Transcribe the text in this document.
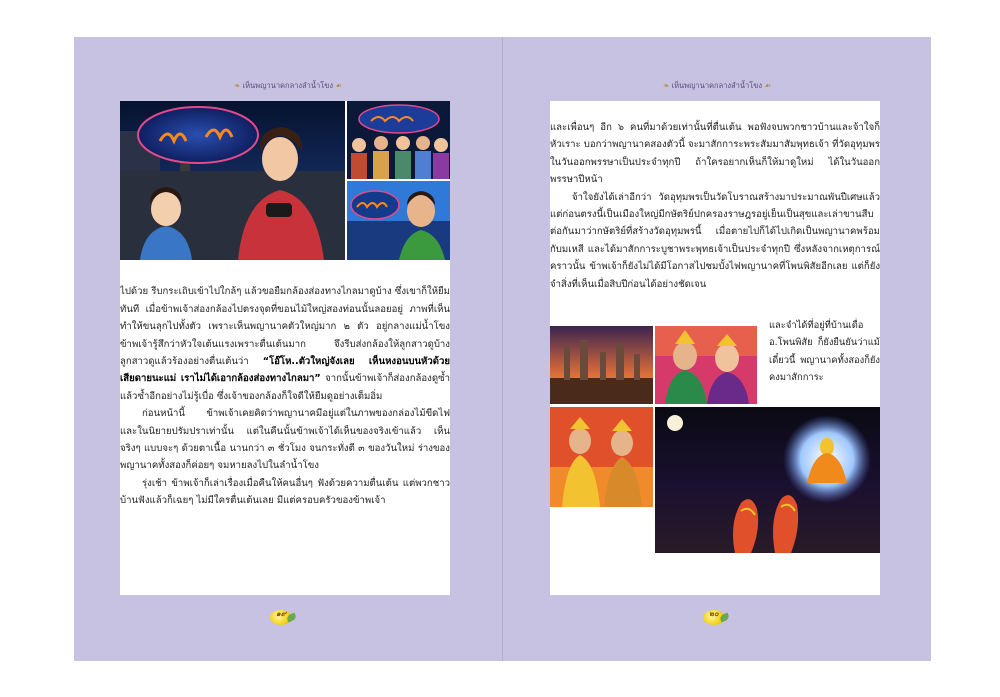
❧ เห็นพญานาคกลางลำน้ำโขง ☙

พูดออกมาตลอดเวลาว่า พญานาคๆ ตัวใหญ่จังเลย ข้าพเจ้าก็พลอยตื่นเต้น

ไปด้วย รีบกระเถิบเข้าไปใกล้ๆ แล้วขอยืมกล้องส่องทางไกลมาดูบ้าง ซึ่งเขาก็ให้ยืมทันที เมื่อข้าพเจ้าส่องกล้องไปตรงจุดที่ขอนไม้ใหญ่สองท่อนนั้นลอยอยู่ ภาพที่เห็นทำให้ขนลุกไปทั้งตัว เพราะเห็นพญานาคตัวใหญ่มาก ๒ ตัว อยู่กลางแม่น้ำโขง ข้าพเจ้ารู้สึกว่าหัวใจเต้นแรงเพราะตื่นเต้นมาก จึงรีบส่งกล้องให้ลูกสาวดูบ้าง ลูกสาวดูแล้วร้องอย่างตื่นเต้นว่า “โอ๊โห..ตัวใหญ่จังเลย เห็นหงอนบนหัวด้วย เสียดายนะแม่ เราไม่ได้เอากล้องส่องทางไกลมา” จากนั้นข้าพเจ้าก็ส่องกล้องดูซ้ำแล้วซ้ำอีกอย่างไม่รู้เบื่อ ซึ่งเจ้าของกล้องก็ใจดีให้ยืมดูอย่างเต็มอิ่ม

ก่อนหน้านี้ ข้าพเจ้าเคยคิดว่าพญานาคมีอยู่แต่ในภาพของกล่องไม้ขีดไฟ และในนิยายปรัมปราเท่านั้น แต่ในคืนนั้นข้าพเจ้าได้เห็นของจริงเข้าแล้ว เห็นจริงๆ แบบจะๆ ด้วยตาเนื้อ นานกว่า ๓ ชั่วโมง จนกระทั่งตี ๓ ของวันใหม่ ร่างของพญานาคทั้งสองก็ค่อยๆ จมหายลงไปในลำน้ำโขง

รุ่งเช้า ข้าพเจ้าก็เล่าเรื่องเมื่อคืนให้คนอื่นๆ ฟังด้วยความตื่นเต้น แต่พวกชาวบ้านฟังแล้วก็เฉยๆ ไม่มีใครตื่นเต้นเลย มีแต่ครอบครัวของข้าพเจ้า

๑๙
❧ เห็นพญานาคกลางลำน้ำโขง ☙

และเพื่อนๆ อีก ๖ คนที่มาด้วยเท่านั้นที่ตื่นเต้น พอฟังจบพวกชาวบ้านและจ้าใจก็หัวเราะ บอกว่าพญานาคสองตัวนี้ จะมาสักการะพระสัมมาสัมพุทธเจ้า ที่วัดอุทุมพร ในวันออกพรรษาเป็นประจำทุกปี ถ้าใครอยากเห็นก็ให้มาดูใหม่ ได้ในวันออกพรรษาปีหน้า

จ้าใจยังได้เล่าอีกว่า วัดอุทุมพรเป็นวัดโบราณสร้างมาประมาณพันปีเศษแล้ว แต่ก่อนตรงนี้เป็นเมืองใหญ่มีกษัตริย์ปกครองราษฎรอยู่เย็นเป็นสุขและเล่าขานสืบต่อกันมาว่ากษัตริย์ที่สร้างวัดอุทุมพรนี้ เมื่อตายไปก็ได้ไปเกิดเป็นพญานาคพร้อมกับมเหสี และได้มาสักการะบูชาพระพุทธเจ้าเป็นประจำทุกปี ซึ่งหลังจากเหตุการณ์คราวนั้น ข้าพเจ้าก็ยังไม่ได้มีโอกาสไปชมบั้งไฟพญานาคที่โพนพิสัยอีกเลย แต่ก็ยังจำสิ่งที่เห็นเมื่อสิบปีก่อนได้อย่างชัดเจน

และจำได้ที่อยู่ที่บ้านเดื่อ อ.โพนพิสัย ก็ยังยืนยันว่าแม้เดี๋ยวนี้ พญานาคทั้งสองก็ยังคงมาสักการะ

๒๐
